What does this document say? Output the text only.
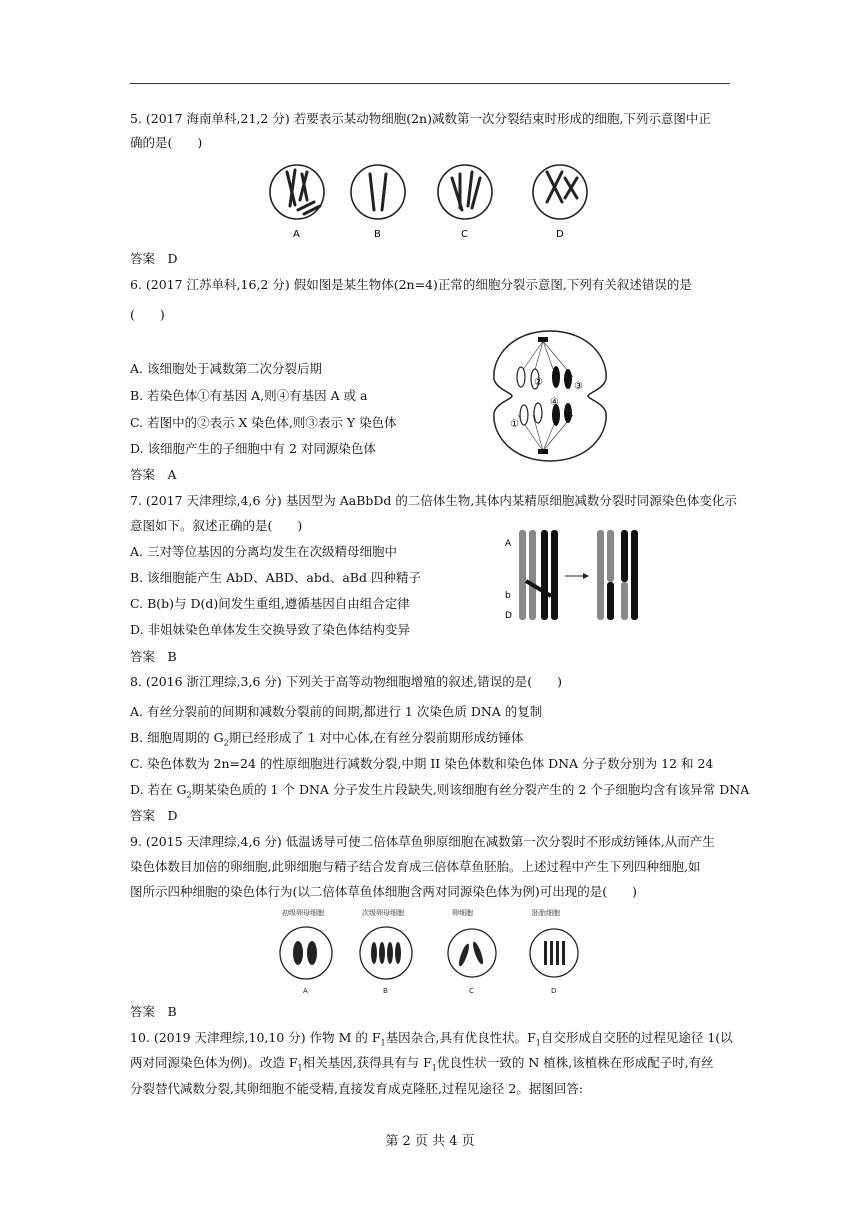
5. (2017 海南单科,21,2 分) 若要表示某动物细胞(2n)减数第一次分裂结束时形成的细胞,下列示意图中正
确的是(　　)
A	B	C	D
答案　D
6. (2017 江苏单科,16,2 分) 假如图是某生物体(2n=4)正常的细胞分裂示意图,下列有关叙述错误的是
(　　)
A. 该细胞处于减数第二次分裂后期
B. 若染色体①有基因 A,则④有基因 A 或 a
C. 若图中的②表示 X 染色体,则③表示 Y 染色体
D. 该细胞产生的子细胞中有 2 对同源染色体
①
②	③
④
答案　A
7. (2017 天津理综,4,6 分) 基因型为 AaBbDd 的二倍体生物,其体内某精原细胞减数分裂时同源染色体变化示
意图如下。叙述正确的是(　　)
A. 三对等位基因的分离均发生在次级精母细胞中
B. 该细胞能产生 AbD、ABD、abd、aBd 四种精子
C. B(b)与 D(d)间发生重组,遵循基因自由组合定律
D. 非姐妹染色单体发生交换导致了染色体结构变异
A
b
D
答案　B
8. (2016 浙江理综,3,6 分) 下列关于高等动物细胞增殖的叙述,错误的是(　　)
A. 有丝分裂前的间期和减数分裂前的间期,都进行 1 次染色质 DNA 的复制
B. 细胞周期的 $G_2$期已经形成了 1 对中心体,在有丝分裂前期形成纺锤体
C. 染色体数为 2n=24 的性原细胞进行减数分裂,中期 II 染色体数和染色体 DNA 分子数分别为 12 和 24
D. 若在 $G_2$期某染色质的 1 个 DNA 分子发生片段缺失,则该细胞有丝分裂产生的 2 个子细胞均含有该异常 DNA
答案　D
9. (2015 天津理综,4,6 分) 低温诱导可使二倍体草鱼卵原细胞在减数第一次分裂时不形成纺锤体,从而产生
染色体数目加倍的卵细胞,此卵细胞与精子结合发育成三倍体草鱼胚胎。上述过程中产生下列四种细胞,如
图所示四种细胞的染色体行为(以二倍体草鱼体细胞含两对同源染色体为例)可出现的是(　　)
初级卵母细胞	次级卵母细胞	卵细胞	胚胎细胞
A	B	C	D
答案　B
10. (2019 天津理综,10,10 分) 作物 M 的 $F_1$基因杂合,具有优良性状。$F_1$自交形成自交胚的过程见途径 1(以
两对同源染色体为例)。改造 $F_1$相关基因,获得具有与 $F_1$优良性状一致的 N 植株,该植株在形成配子时,有丝
分裂替代减数分裂,其卵细胞不能受精,直接发育成克隆胚,过程见途径 2。据图回答:
第 2 页 共 4 页
